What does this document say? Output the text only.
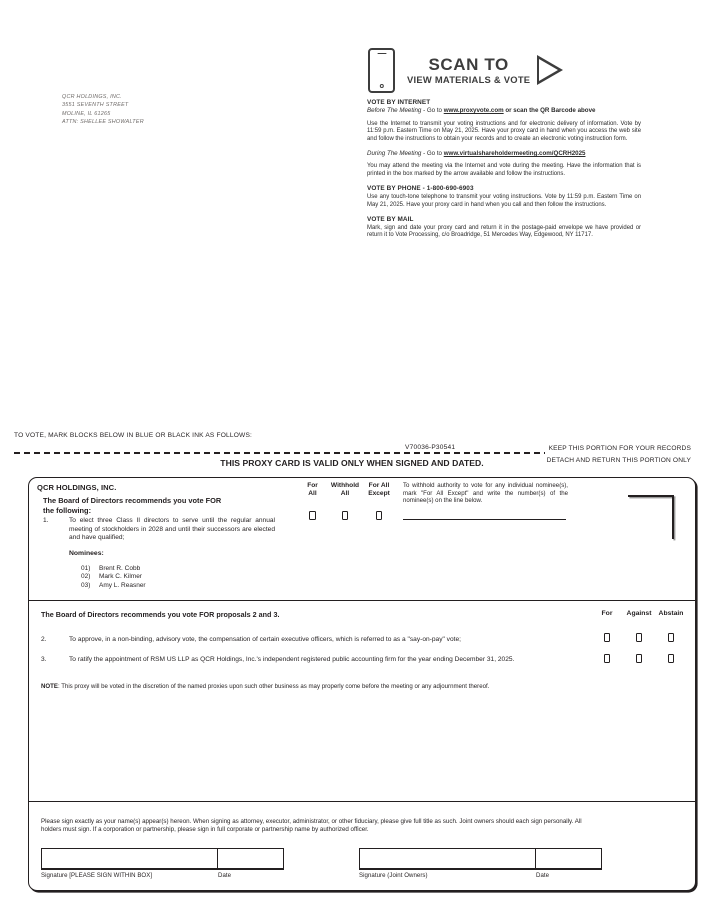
QCR HOLDINGS, INC.
3551 SEVENTH STREET
MOLINE, IL 61265
ATTN: SHELLEE SHOWALTER
SCAN TO
VIEW MATERIALS & VOTE
VOTE BY INTERNET
Before The Meeting - Go to www.proxyvote.com or scan the QR Barcode above
Use the Internet to transmit your voting instructions and for electronic delivery of information. Vote by 11:59 p.m. Eastern Time on May 21, 2025. Have your proxy card in hand when you access the web site and follow the instructions to obtain your records and to create an electronic voting instruction form.
During The Meeting - Go to www.virtualshareholdermeeting.com/QCRH2025
You may attend the meeting via the Internet and vote during the meeting. Have the information that is printed in the box marked by the arrow available and follow the instructions.
VOTE BY PHONE - 1-800-690-6903
Use any touch-tone telephone to transmit your voting instructions. Vote by 11:59 p.m. Eastern Time on May 21, 2025. Have your proxy card in hand when you call and then follow the instructions.
VOTE BY MAIL
Mark, sign and date your proxy card and return it in the postage-paid envelope we have provided or return it to Vote Processing, c/o Broadridge, 51 Mercedes Way, Edgewood, NY 11717.
TO VOTE, MARK BLOCKS BELOW IN BLUE OR BLACK INK AS FOLLOWS:
V70036-P30541
THIS PROXY CARD IS VALID ONLY WHEN SIGNED AND DATED.
KEEP THIS PORTION FOR YOUR RECORDS
DETACH AND RETURN THIS PORTION ONLY
QCR HOLDINGS, INC.
The Board of Directors recommends you vote FOR
the following:
1.	To elect three Class II directors to serve until the regular annual meeting of stockholders in 2028 and until their successors are elected and have qualified;
Nominees:
01) Brent R. Cobb
02) Mark C. Kilmer
03) Amy L. Reasner
For
All
Withhold
All
For All
Except
To withhold authority to vote for any individual nominee(s), mark "For All Except" and write the number(s) of the nominee(s) on the line below.
The Board of Directors recommends you vote FOR proposals 2 and 3.	For	Against	Abstain
2.	To approve, in a non-binding, advisory vote, the compensation of certain executive officers, which is referred to as a "say-on-pay" vote;
3.	To ratify the appointment of RSM US LLP as QCR Holdings, Inc.'s independent registered public accounting firm for the year ending December 31, 2025.
NOTE: This proxy will be voted in the discretion of the named proxies upon such other business as may properly come before the meeting or any adjournment thereof.
Please sign exactly as your name(s) appear(s) hereon. When signing as attorney, executor, administrator, or other fiduciary, please give full title as such. Joint owners should each sign personally. All holders must sign. If a corporation or partnership, please sign in full corporate or partnership name by authorized officer.
Signature [PLEASE SIGN WITHIN BOX]	Date	Signature (Joint Owners)	Date
